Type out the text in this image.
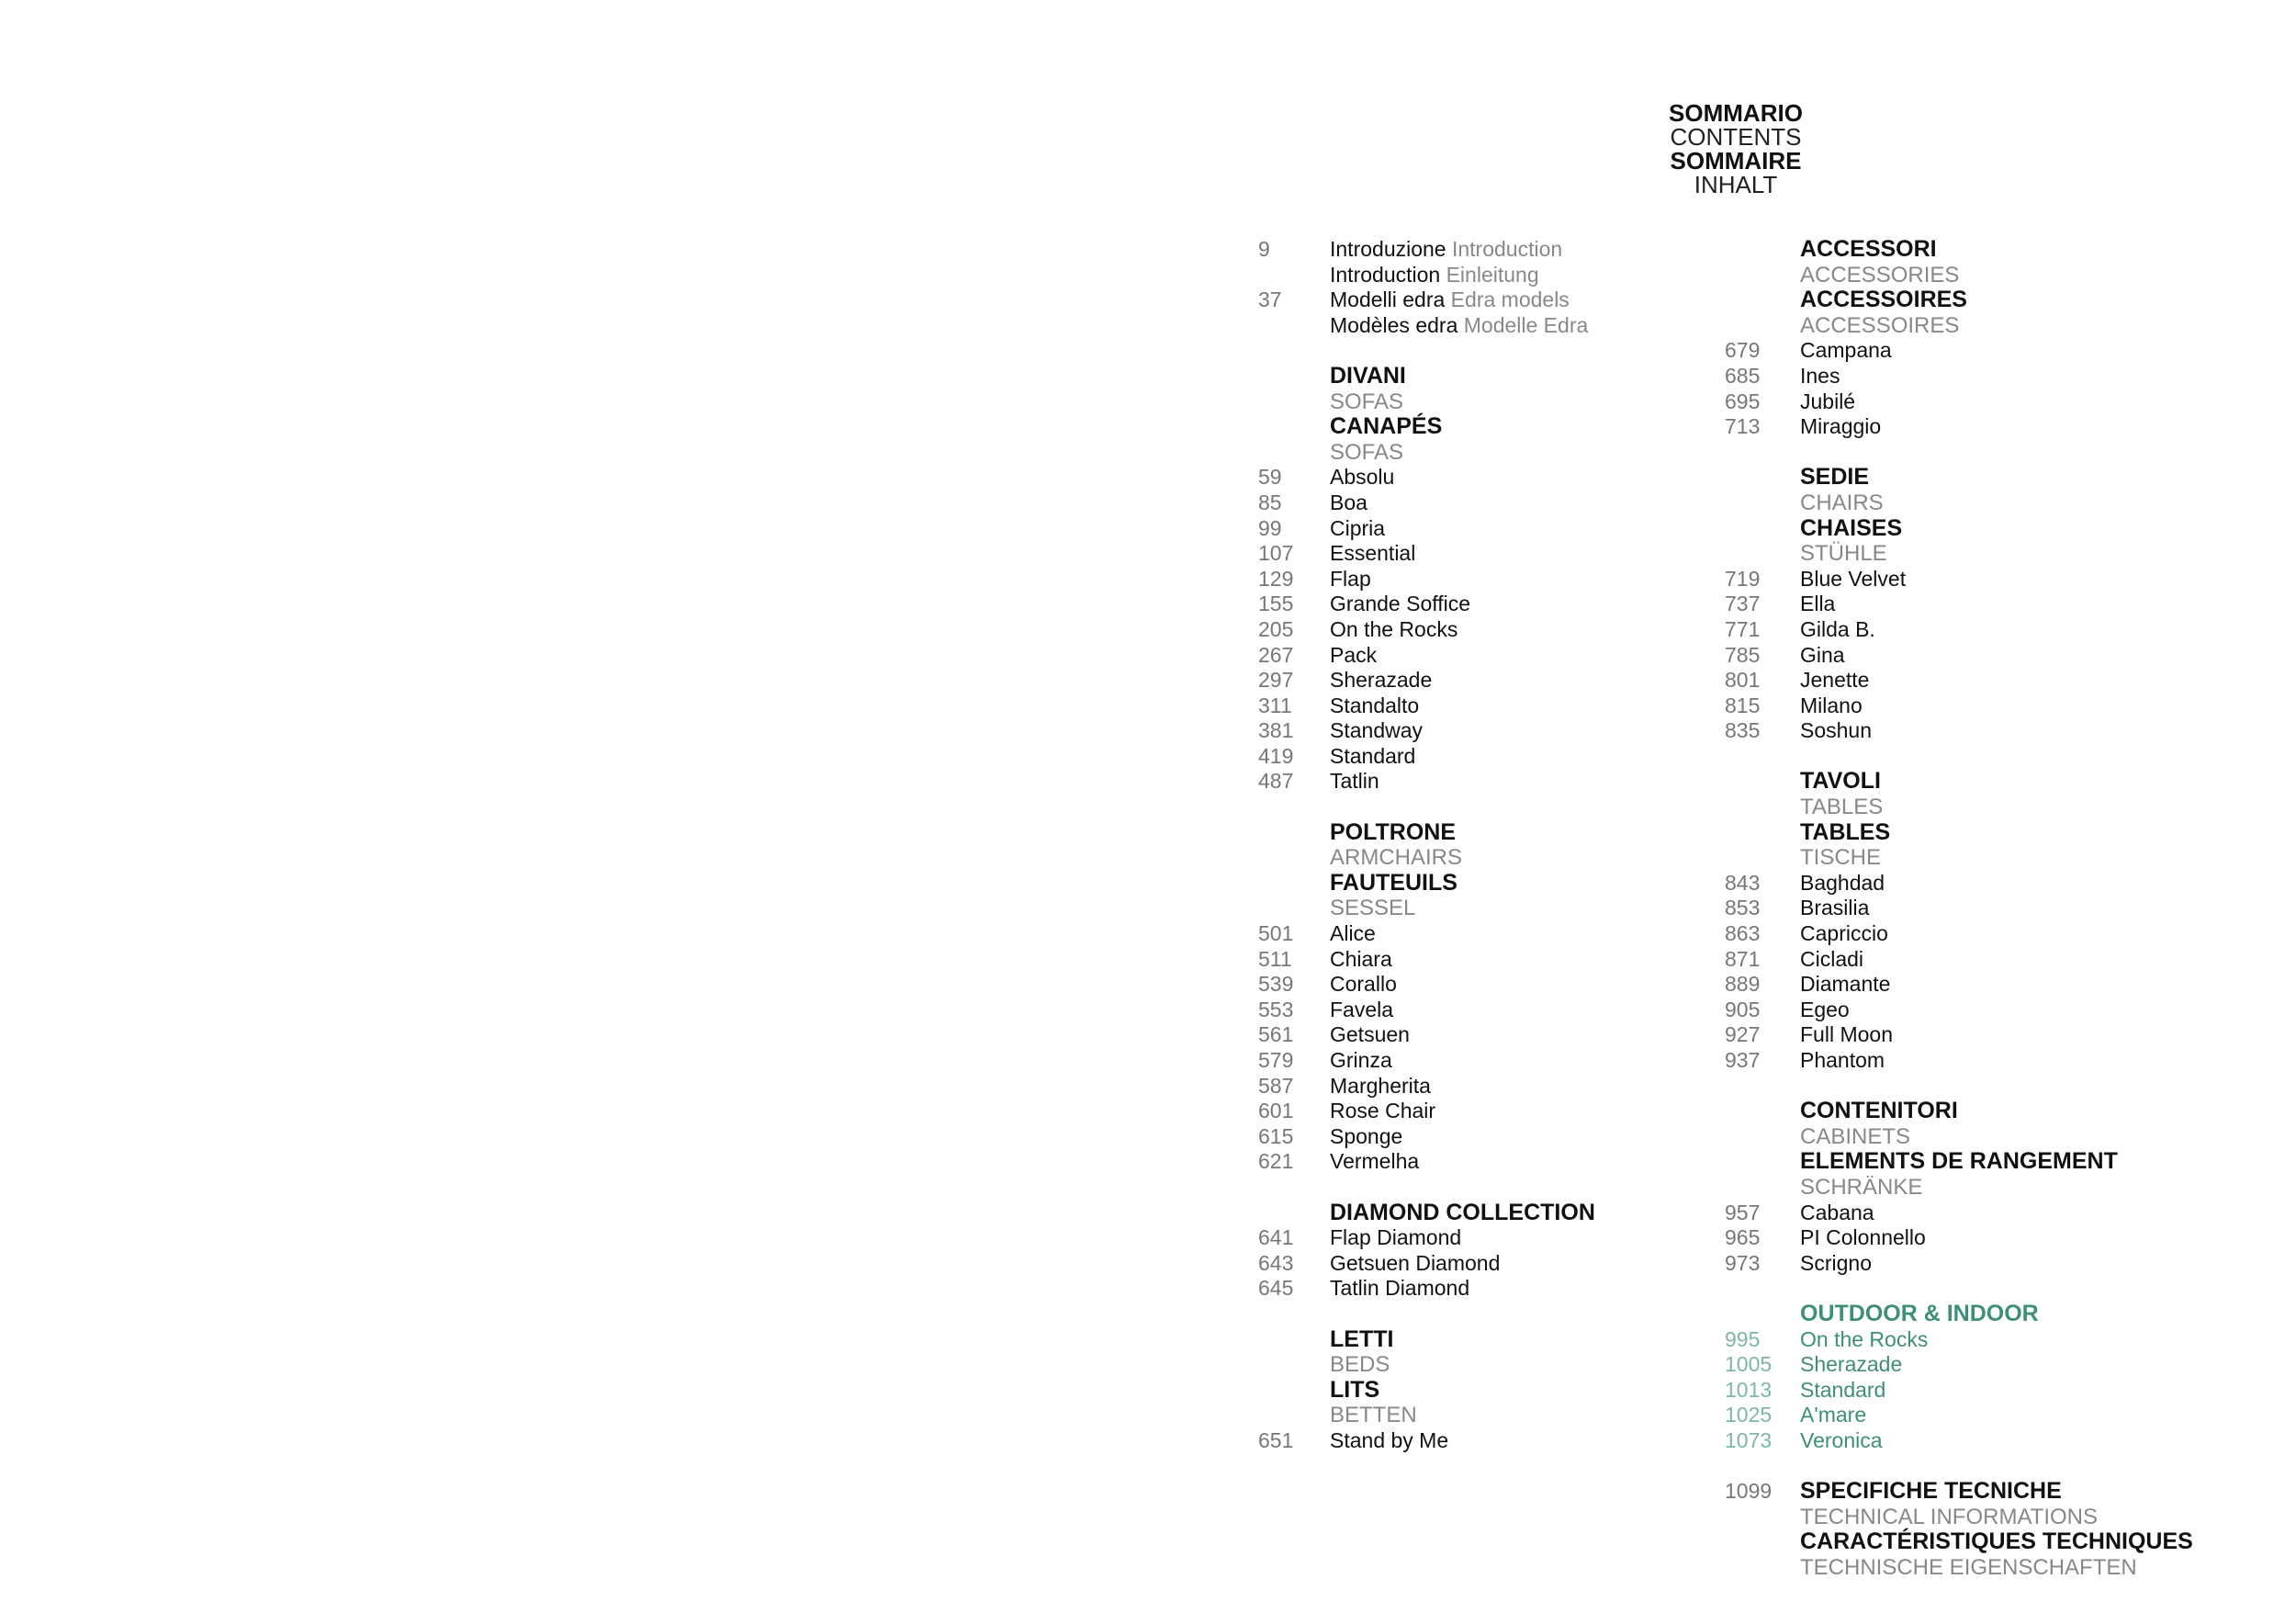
SOMMARIO
CONTENTS
SOMMAIRE
INHALT
9	Introduzione Introduction
Introduction Einleitung
37	Modelli edra Edra models
Modèles edra Modelle Edra
DIVANI
SOFAS
CANAPÉS
SOFAS
59	Absolu
85	Boa
99	Cipria
107	Essential
129	Flap
155	Grande Soffice
205	On the Rocks
267	Pack
297	Sherazade
311	Standalto
381	Standway
419	Standard
487	Tatlin
POLTRONE
ARMCHAIRS
FAUTEUILS
SESSEL
501	Alice
511	Chiara
539	Corallo
553	Favela
561	Getsuen
579	Grinza
587	Margherita
601	Rose Chair
615	Sponge
621	Vermelha
DIAMOND COLLECTION
641	Flap Diamond
643	Getsuen Diamond
645	Tatlin Diamond
LETTI
BEDS
LITS
BETTEN
651	Stand by Me
ACCESSORI
ACCESSORIES
ACCESSOIRES
ACCESSOIRES
679	Campana
685	Ines
695	Jubilé
713	Miraggio
SEDIE
CHAIRS
CHAISES
STÜHLE
719	Blue Velvet
737	Ella
771	Gilda B.
785	Gina
801	Jenette
815	Milano
835	Soshun
TAVOLI
TABLES
TABLES
TISCHE
843	Baghdad
853	Brasilia
863	Capriccio
871	Cicladi
889	Diamante
905	Egeo
927	Full Moon
937	Phantom
CONTENITORI
CABINETS
ELEMENTS DE RANGEMENT
SCHRÄNKE
957	Cabana
965	PI Colonnello
973	Scrigno
OUTDOOR & INDOOR
995	On the Rocks
1005	Sherazade
1013	Standard
1025	A'mare
1073	Veronica
1099	SPECIFICHE TECNICHE
TECHNICAL INFORMATIONS
CARACTÉRISTIQUES TECHNIQUES
TECHNISCHE EIGENSCHAFTEN
